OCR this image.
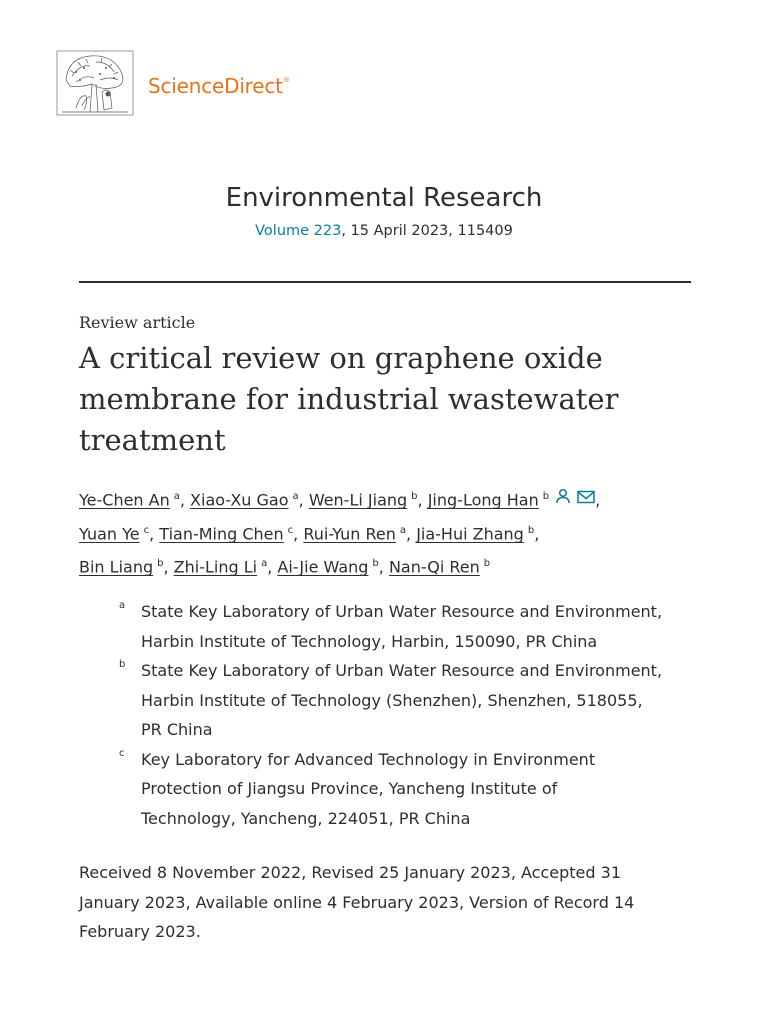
ScienceDirect®
Environmental Research
Volume 223, 15 April 2023, 115409
Review article
A critical review on graphene oxide membrane for industrial wastewater treatment
Ye-Chen An $^a$, Xiao-Xu Gao $^a$, Wen-Li Jiang $^b$, Jing-Long Han $^b$	,
Yuan Ye $^c$, Tian-Ming Chen $^c$, Rui-Yun Ren $^a$, Jia-Hui Zhang $^b$,
Bin Liang $^b$, Zhi-Ling Li $^a$, Ai-Jie Wang $^b$, Nan-Qi Ren $^b$
a State Key Laboratory of Urban Water Resource and Environment,
Harbin Institute of Technology, Harbin, 150090, PR China
b State Key Laboratory of Urban Water Resource and Environment,
Harbin Institute of Technology (Shenzhen), Shenzhen, 518055,
PR China
c Key Laboratory for Advanced Technology in Environment
Protection of Jiangsu Province, Yancheng Institute of
Technology, Yancheng, 224051, PR China
Received 8 November 2022, Revised 25 January 2023, Accepted 31
January 2023, Available online 4 February 2023, Version of Record 14
February 2023.
